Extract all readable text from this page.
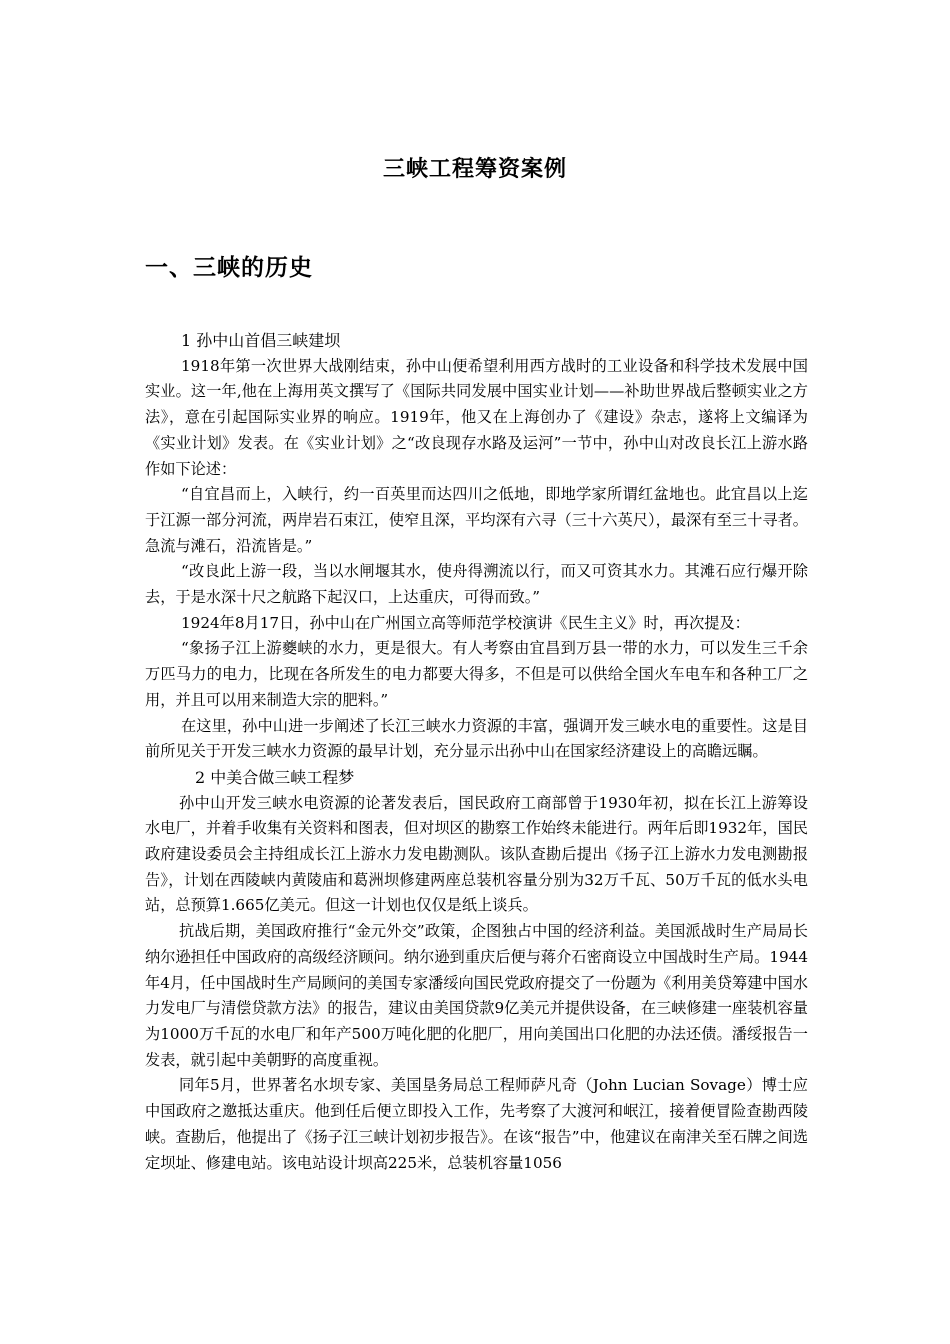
三峡工程筹资案例
一、三峡的历史

1 孙中山首倡三峡建坝

1918年第一次世界大战刚结束，孙中山便希望利用西方战时的工业设备和科学技术发展中国实业。这一年,他在上海用英文撰写了《国际共同发展中国实业计划——补助世界战后整顿实业之方法》，意在引起国际实业界的响应。1919年，他又在上海创办了《建设》杂志，遂将上文编译为《实业计划》发表。在《实业计划》之“改良现存水路及运河”一节中，孙中山对改良长江上游水路作如下论述：

“自宜昌而上，入峡行，约一百英里而达四川之低地，即地学家所谓红盆地也。此宜昌以上迄于江源一部分河流，两岸岩石束江，使窄且深，平均深有六寻（三十六英尺），最深有至三十寻者。急流与滩石，沿流皆是。”

“改良此上游一段，当以水闸堰其水，使舟得溯流以行，而又可资其水力。其滩石应行爆开除去，于是水深十尺之航路下起汉口，上达重庆，可得而致。”

1924年8月17日，孙中山在广州国立高等师范学校演讲《民生主义》时，再次提及：

“象扬子江上游夔峡的水力，更是很大。有人考察由宜昌到万县一带的水力，可以发生三千余万匹马力的电力，比现在各所发生的电力都要大得多，不但是可以供给全国火车电车和各种工厂之用，并且可以用来制造大宗的肥料。”

在这里，孙中山进一步阐述了长江三峡水力资源的丰富，强调开发三峡水电的重要性。这是目前所见关于开发三峡水力资源的最早计划，充分显示出孙中山在国家经济建设上的高瞻远瞩。

2 中美合做三峡工程梦

孙中山开发三峡水电资源的论著发表后，国民政府工商部曾于1930年初，拟在长江上游筹设水电厂，并着手收集有关资料和图表，但对坝区的勘察工作始终未能进行。两年后即1932年，国民政府建设委员会主持组成长江上游水力发电勘测队。该队查勘后提出《扬子江上游水力发电测勘报告》，计划在西陵峡内黄陵庙和葛洲坝修建两座总装机容量分别为32万千瓦、50万千瓦的低水头电站，总预算1.665亿美元。但这一计划也仅仅是纸上谈兵。

抗战后期，美国政府推行“金元外交”政策，企图独占中国的经济利益。美国派战时生产局局长纳尔逊担任中国政府的高级经济顾问。纳尔逊到重庆后便与蒋介石密商设立中国战时生产局。1944年4月，任中国战时生产局顾问的美国专家潘绥向国民党政府提交了一份题为《利用美贷筹建中国水力发电厂与清偿贷款方法》的报告，建议由美国贷款9亿美元并提供设备，在三峡修建一座装机容量为1000万千瓦的水电厂和年产500万吨化肥的化肥厂，用向美国出口化肥的办法还债。潘绥报告一发表，就引起中美朝野的高度重视。

同年5月，世界著名水坝专家、美国垦务局总工程师萨凡奇（John Lucian Sovage）博士应中国政府之邀抵达重庆。他到任后便立即投入工作，先考察了大渡河和岷江，接着便冒险查勘西陵峡。查勘后，他提出了《扬子江三峡计划初步报告》。在该“报告”中，他建议在南津关至石牌之间选定坝址、修建电站。该电站设计坝高225米，总装机容量1056
